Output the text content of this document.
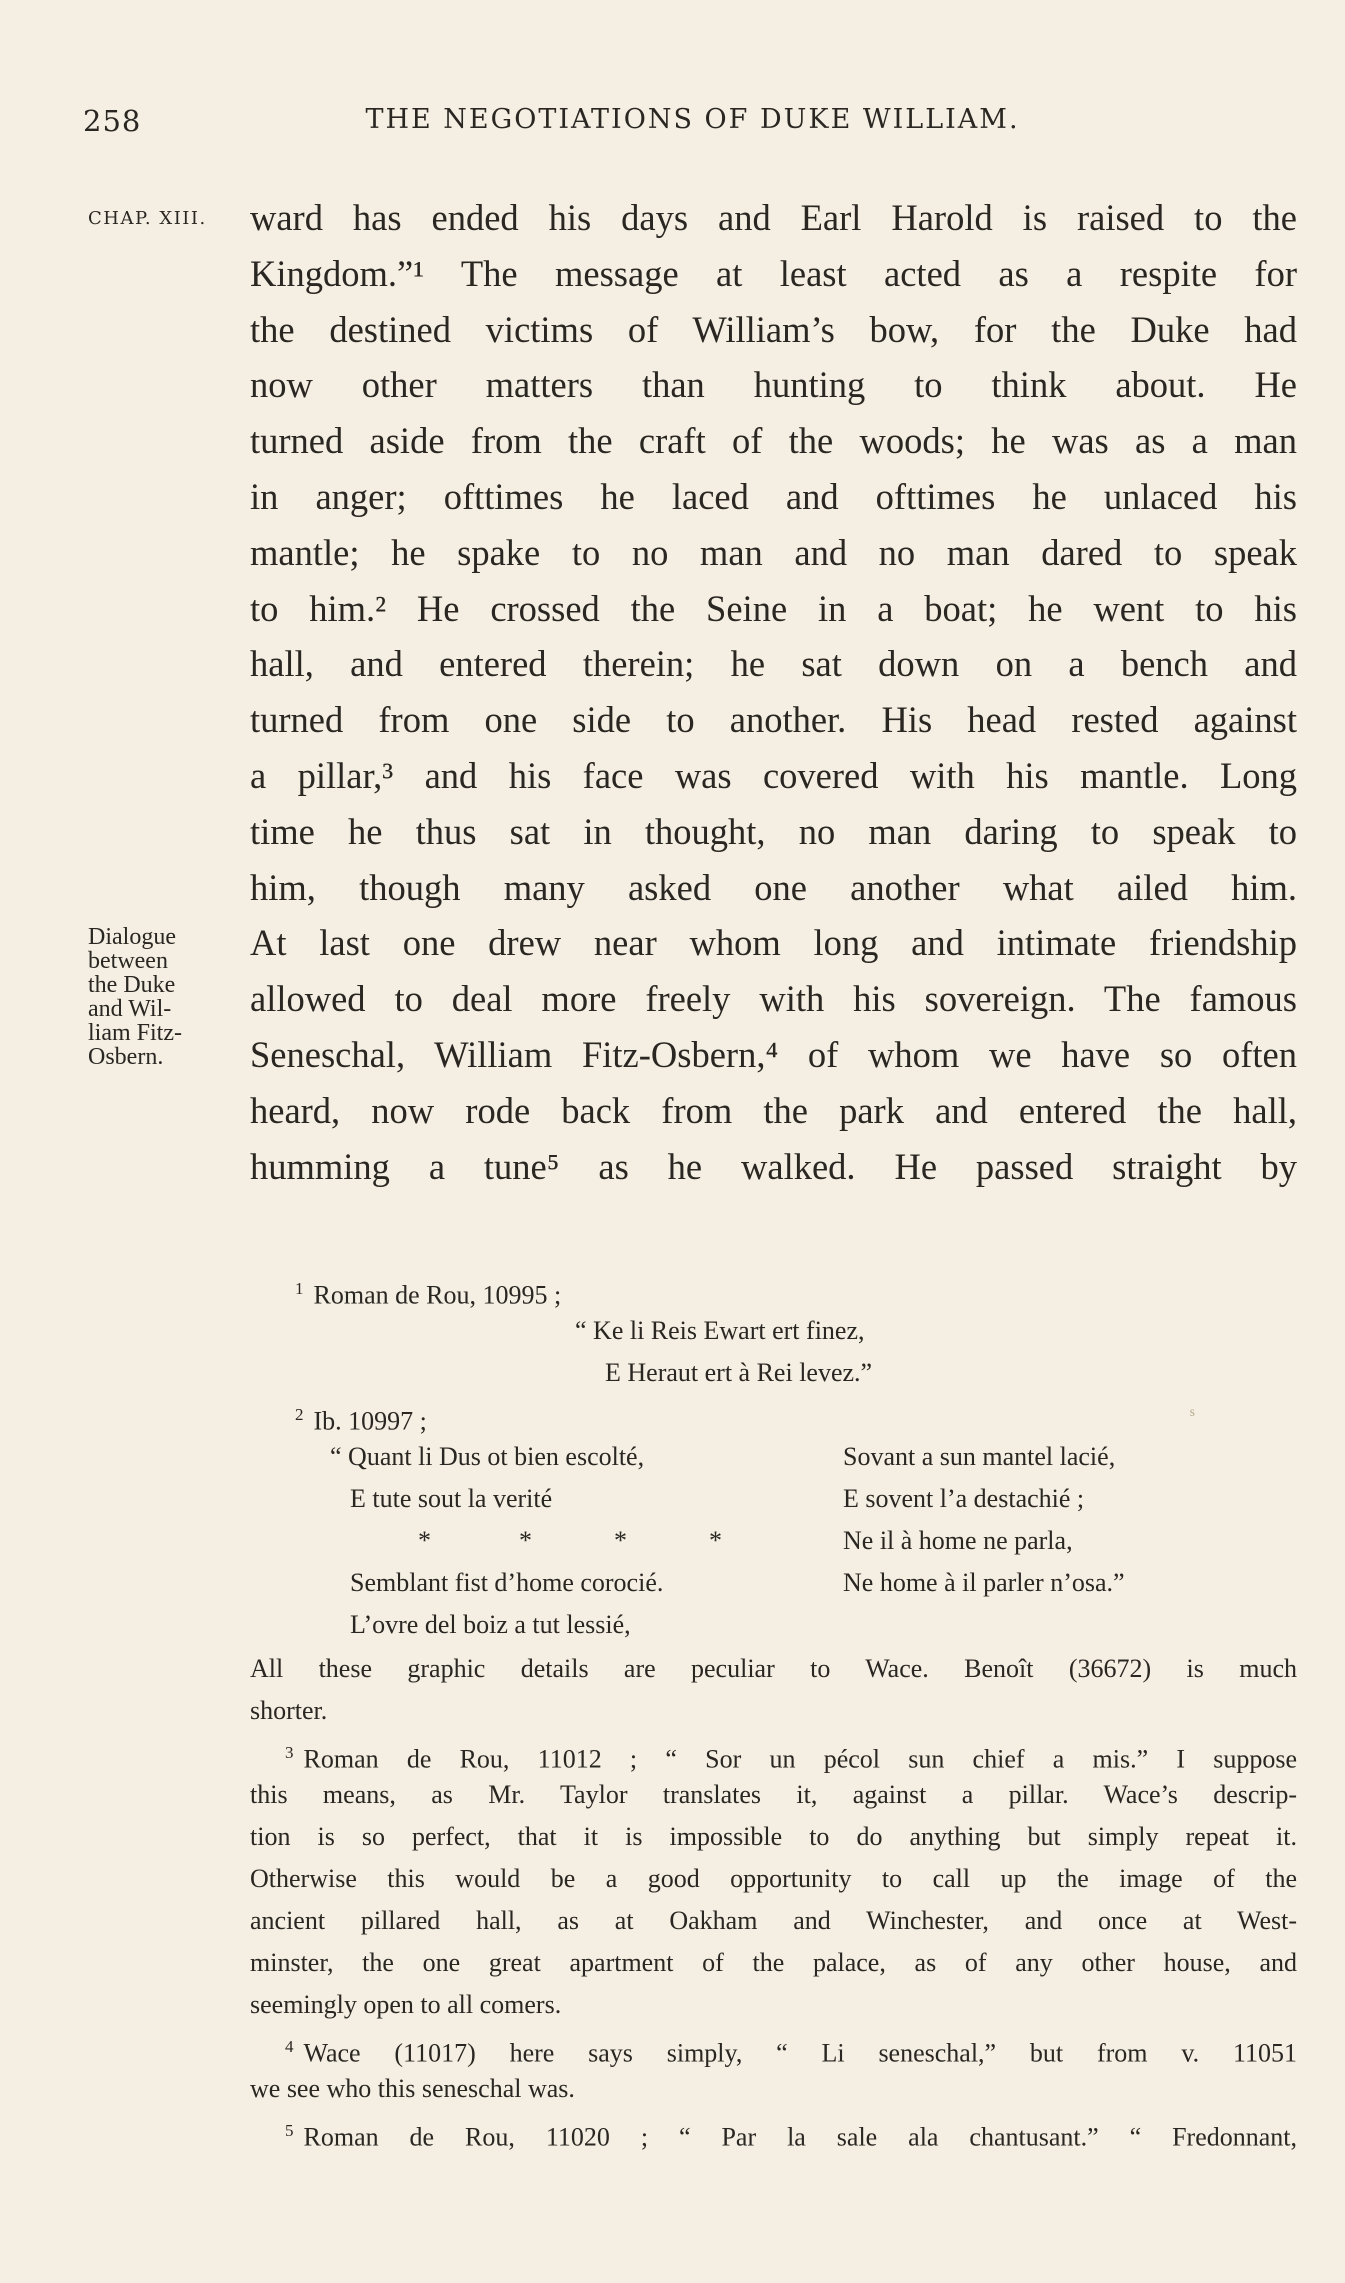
258	THE NEGOTIATIONS OF DUKE WILLIAM.
CHAP. XIII. ward has ended his days and Earl Harold is raised to the
Kingdom.”¹ The message at least acted as a respite for
the destined victims of William’s bow, for the Duke had
now other matters than hunting to think about. He
turned aside from the craft of the woods; he was as a man
in anger; ofttimes he laced and ofttimes he unlaced his
mantle; he spake to no man and no man dared to speak
to him.² He crossed the Seine in a boat; he went to his
hall, and entered therein; he sat down on a bench and
turned from one side to another. His head rested against
a pillar,³ and his face was covered with his mantle. Long
time he thus sat in thought, no man daring to speak to
him, though many asked one another what ailed him.
At last one drew near whom long and intimate friendship
allowed to deal more freely with his sovereign. The famous
Seneschal, William Fitz-Osbern,⁴ of whom we have so often
heard, now rode back from the park and entered the hall,
humming a tune⁵ as he walked. He passed straight by
Dialogue
between
the Duke
and Wil-
liam Fitz-
Osbern.
$^1$ Roman de Rou, 10995 ;
“ Ke li Reis Ewart ert finez,
E Heraut ert à Rei levez.”
$^2$ Ib. 10997 ;	ˢ
“ Quant li Dus ot bien escolté,
E tute sout la verité
*	*	*	*
Semblant fist d’home corocié.
L’ovre del boiz a tut lessié,
Sovant a sun mantel lacié,
E sovent l’a destachié ;
Ne il à home ne parla,
Ne home à il parler n’osa.”
All these graphic details are peculiar to Wace. Benoît (36672) is much
shorter.
$^3$ Roman de Rou, 11012 ; “ Sor un pécol sun chief a mis.” I suppose
this means, as Mr. Taylor translates it, against a pillar. Wace’s descrip-
tion is so perfect, that it is impossible to do anything but simply repeat it.
Otherwise this would be a good opportunity to call up the image of the
ancient pillared hall, as at Oakham and Winchester, and once at West-
minster, the one great apartment of the palace, as of any other house, and
seemingly open to all comers.
$^4$ Wace (11017) here says simply, “ Li seneschal,” but from v. 11051
we see who this seneschal was.
$^5$ Roman de Rou, 11020 ; “ Par la sale ala chantusant.” “ Fredonnant,
